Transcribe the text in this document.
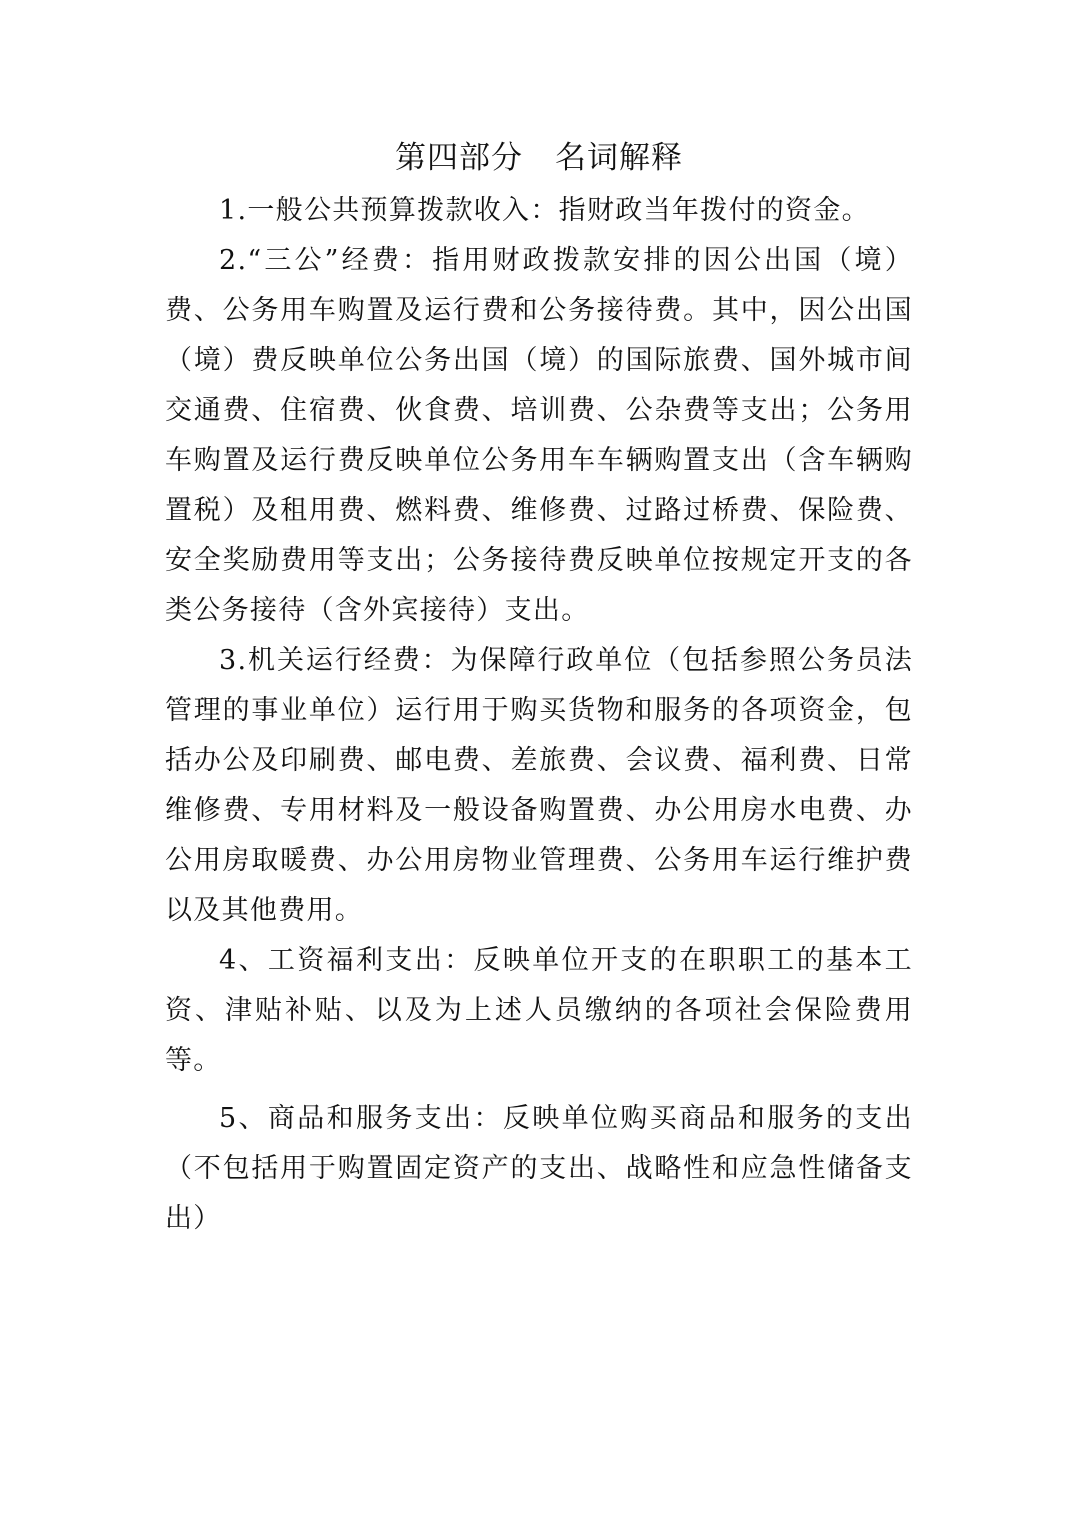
第四部分　名词解释

1.一般公共预算拨款收入：指财政当年拨付的资金。

2.“三公”经费：指用财政拨款安排的因公出国（境）费、公务用车购置及运行费和公务接待费。其中，因公出国（境）费反映单位公务出国（境）的国际旅费、国外城市间交通费、住宿费、伙食费、培训费、公杂费等支出；公务用车购置及运行费反映单位公务用车车辆购置支出（含车辆购置税）及租用费、燃料费、维修费、过路过桥费、保险费、安全奖励费用等支出；公务接待费反映单位按规定开支的各类公务接待（含外宾接待）支出。

3.机关运行经费：为保障行政单位（包括参照公务员法管理的事业单位）运行用于购买货物和服务的各项资金，包括办公及印刷费、邮电费、差旅费、会议费、福利费、日常维修费、专用材料及一般设备购置费、办公用房水电费、办公用房取暖费、办公用房物业管理费、公务用车运行维护费以及其他费用。

4、工资福利支出：反映单位开支的在职职工的基本工资、津贴补贴、以及为上述人员缴纳的各项社会保险费用等。

5、商品和服务支出：反映单位购买商品和服务的支出（不包括用于购置固定资产的支出、战略性和应急性储备支出）
